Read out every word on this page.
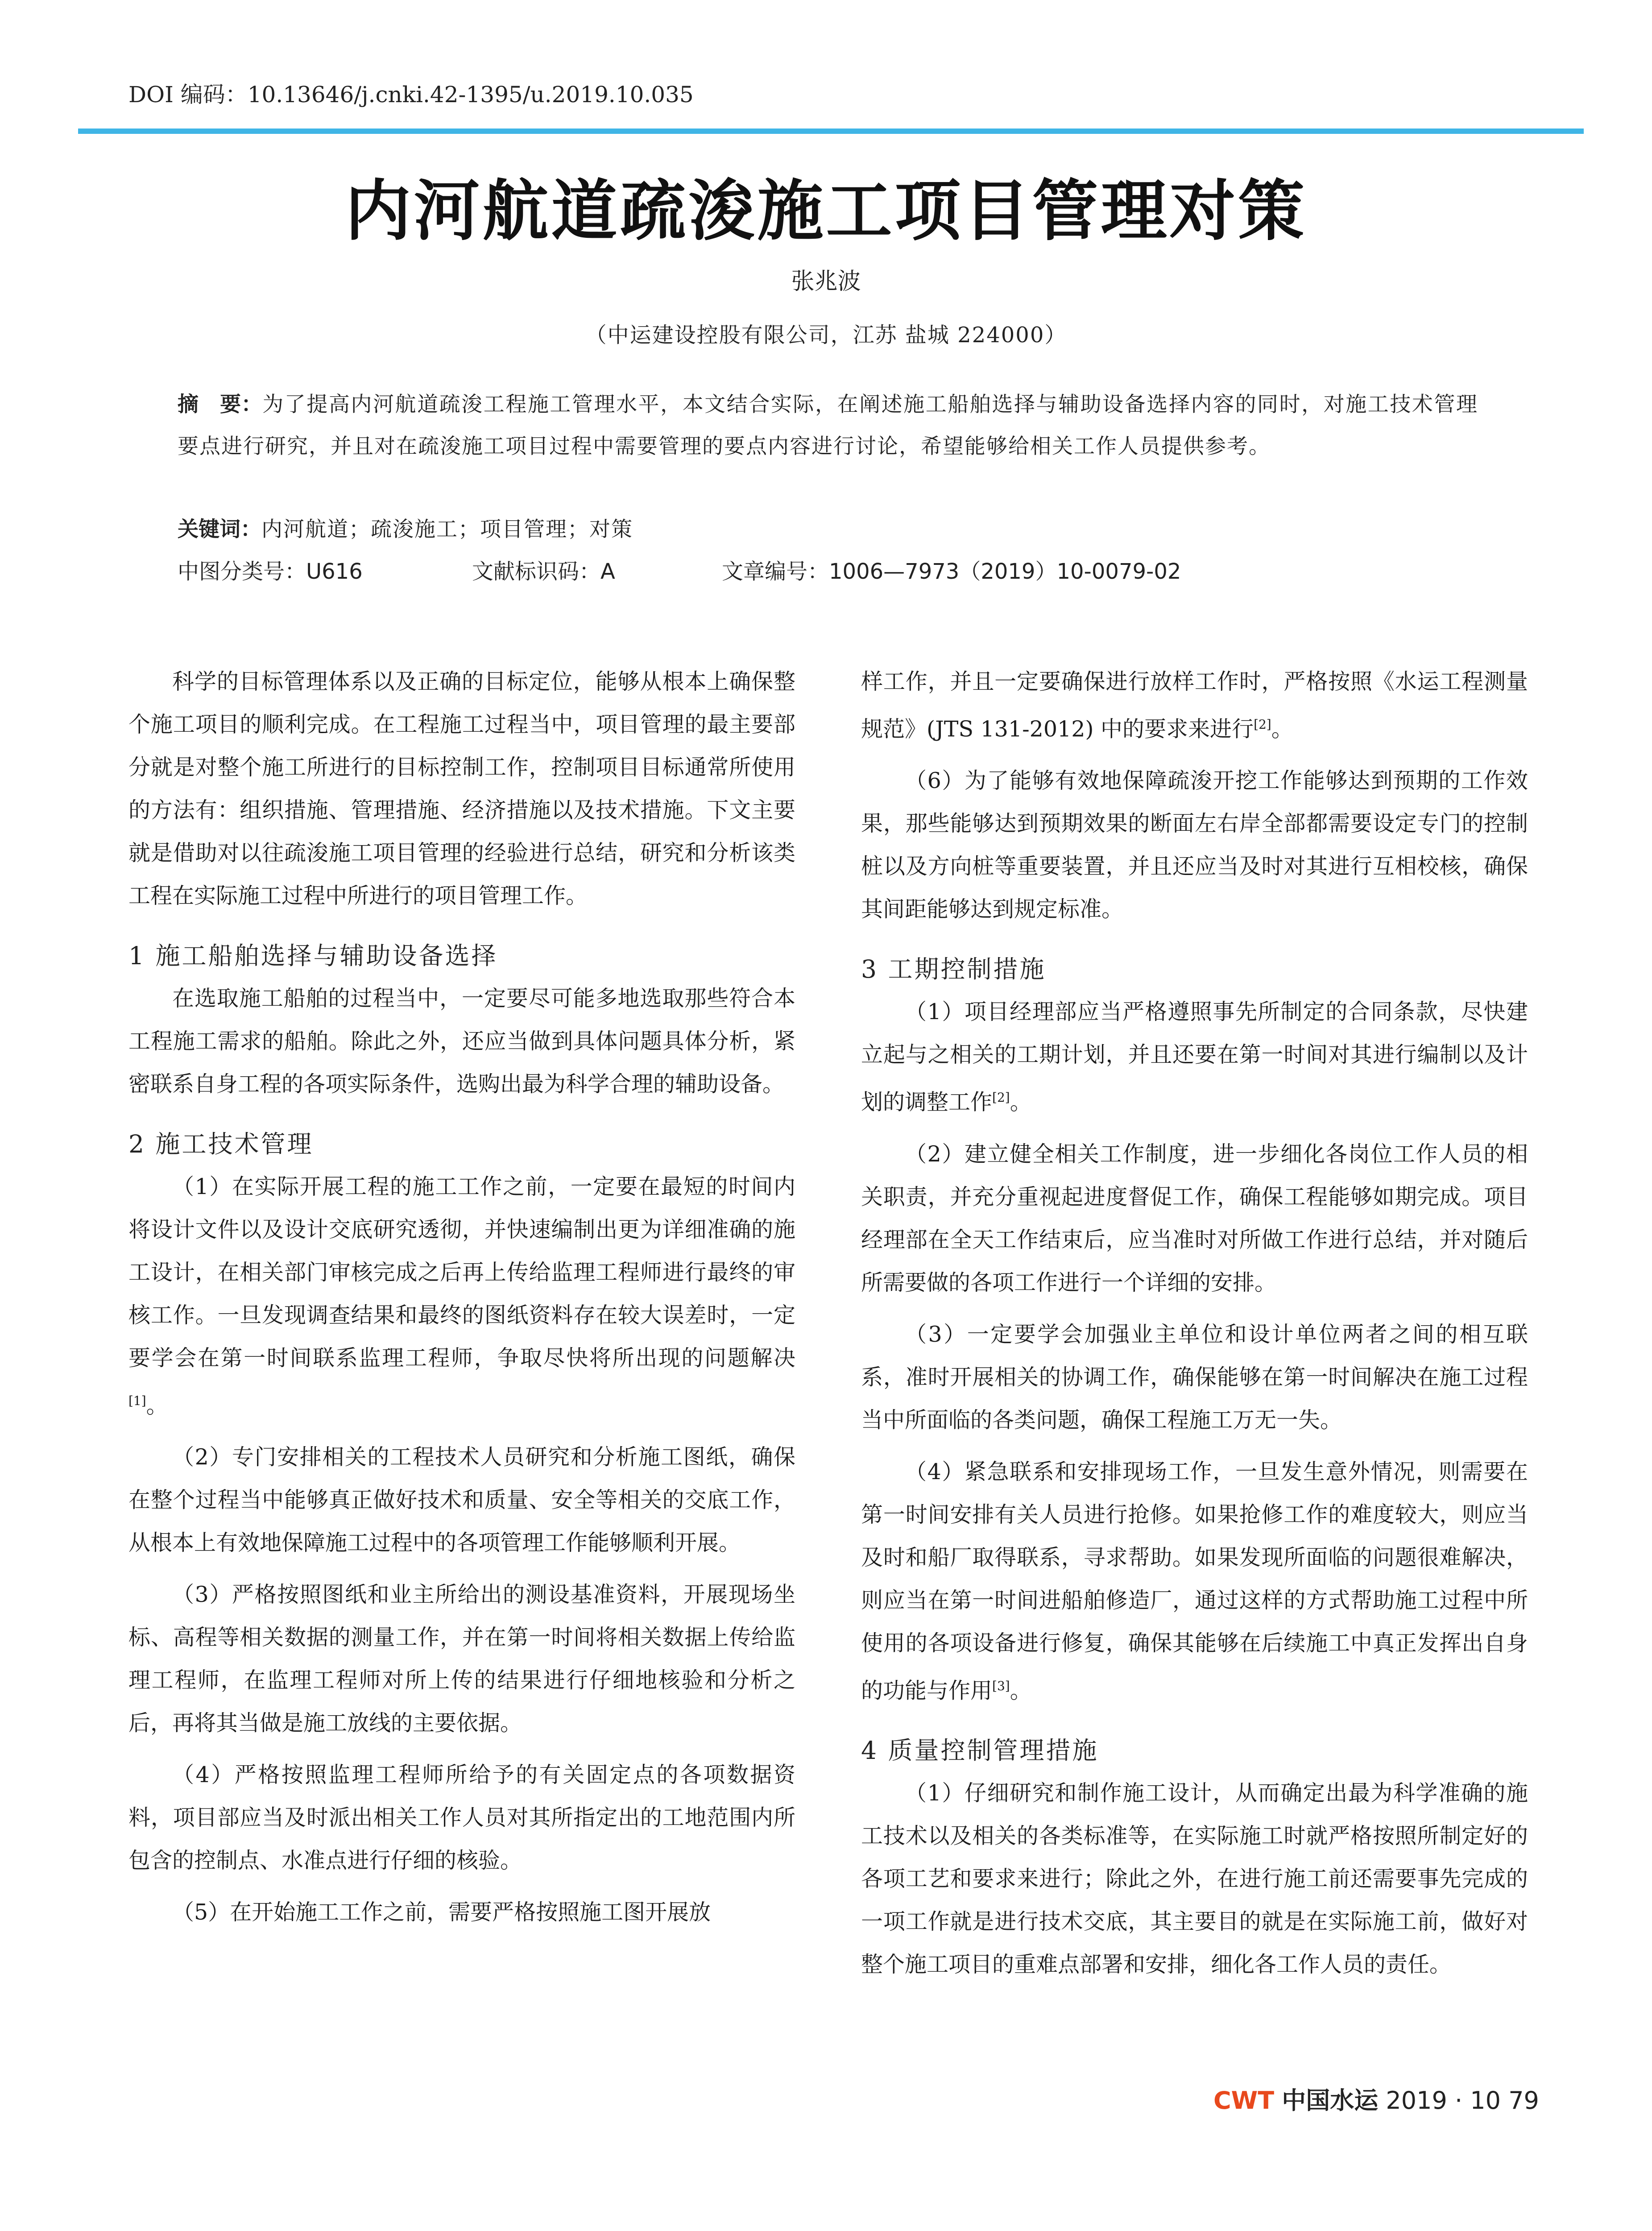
DOI 编码：10.13646/j.cnki.42-1395/u.2019.10.035
内河航道疏浚施工项目管理对策
张兆波
（中运建设控股有限公司，江苏 盐城 224000）
摘　要：为了提高内河航道疏浚工程施工管理水平，本文结合实际，在阐述施工船舶选择与辅助设备选择内容的同时，对施工技术管理要点进行研究，并且对在疏浚施工项目过程中需要管理的要点内容进行讨论，希望能够给相关工作人员提供参考。
关键词：内河航道；疏浚施工；项目管理；对策
中图分类号：U616	文献标识码：A	文章编号：1006—7973（2019）10-0079-02

科学的目标管理体系以及正确的目标定位，能够从根本上确保整个施工项目的顺利完成。在工程施工过程当中，项目管理的最主要部分就是对整个施工所进行的目标控制工作，控制项目目标通常所使用的方法有：组织措施、管理措施、经济措施以及技术措施。下文主要就是借助对以往疏浚施工项目管理的经验进行总结，研究和分析该类工程在实际施工过程中所进行的项目管理工作。

1 施工船舶选择与辅助设备选择

在选取施工船舶的过程当中，一定要尽可能多地选取那些符合本工程施工需求的船舶。除此之外，还应当做到具体问题具体分析，紧密联系自身工程的各项实际条件，选购出最为科学合理的辅助设备。

2 施工技术管理

（1）在实际开展工程的施工工作之前，一定要在最短的时间内将设计文件以及设计交底研究透彻，并快速编制出更为详细准确的施工设计，在相关部门审核完成之后再上传给监理工程师进行最终的审核工作。一旦发现调查结果和最终的图纸资料存在较大误差时，一定要学会在第一时间联系监理工程师，争取尽快将所出现的问题解决[1]。

（2）专门安排相关的工程技术人员研究和分析施工图纸，确保在整个过程当中能够真正做好技术和质量、安全等相关的交底工作，从根本上有效地保障施工过程中的各项管理工作能够顺利开展。

（3）严格按照图纸和业主所给出的测设基准资料，开展现场坐标、高程等相关数据的测量工作，并在第一时间将相关数据上传给监理工程师，在监理工程师对所上传的结果进行仔细地核验和分析之后，再将其当做是施工放线的主要依据。

（4）严格按照监理工程师所给予的有关固定点的各项数据资料，项目部应当及时派出相关工作人员对其所指定出的工地范围内所包含的控制点、水准点进行仔细的核验。

（5）在开始施工工作之前，需要严格按照施工图开展放

样工作，并且一定要确保进行放样工作时，严格按照《水运工程测量规范》(JTS 131-2012) 中的要求来进行[2]。

（6）为了能够有效地保障疏浚开挖工作能够达到预期的工作效果，那些能够达到预期效果的断面左右岸全部都需要设定专门的控制桩以及方向桩等重要装置，并且还应当及时对其进行互相校核，确保其间距能够达到规定标准。

3 工期控制措施

（1）项目经理部应当严格遵照事先所制定的合同条款，尽快建立起与之相关的工期计划，并且还要在第一时间对其进行编制以及计划的调整工作[2]。

（2）建立健全相关工作制度，进一步细化各岗位工作人员的相关职责，并充分重视起进度督促工作，确保工程能够如期完成。项目经理部在全天工作结束后，应当准时对所做工作进行总结，并对随后所需要做的各项工作进行一个详细的安排。

（3）一定要学会加强业主单位和设计单位两者之间的相互联系，准时开展相关的协调工作，确保能够在第一时间解决在施工过程当中所面临的各类问题，确保工程施工万无一失。

（4）紧急联系和安排现场工作，一旦发生意外情况，则需要在第一时间安排有关人员进行抢修。如果抢修工作的难度较大，则应当及时和船厂取得联系，寻求帮助。如果发现所面临的问题很难解决，则应当在第一时间进船舶修造厂，通过这样的方式帮助施工过程中所使用的各项设备进行修复，确保其能够在后续施工中真正发挥出自身的功能与作用[3]。

4 质量控制管理措施

（1）仔细研究和制作施工设计，从而确定出最为科学准确的施工技术以及相关的各类标准等，在实际施工时就严格按照所制定好的各项工艺和要求来进行；除此之外，在进行施工前还需要事先完成的一项工作就是进行技术交底，其主要目的就是在实际施工前，做好对整个施工项目的重难点部署和安排，细化各工作人员的责任。

CWT 中国水运 2019 · 10 79
